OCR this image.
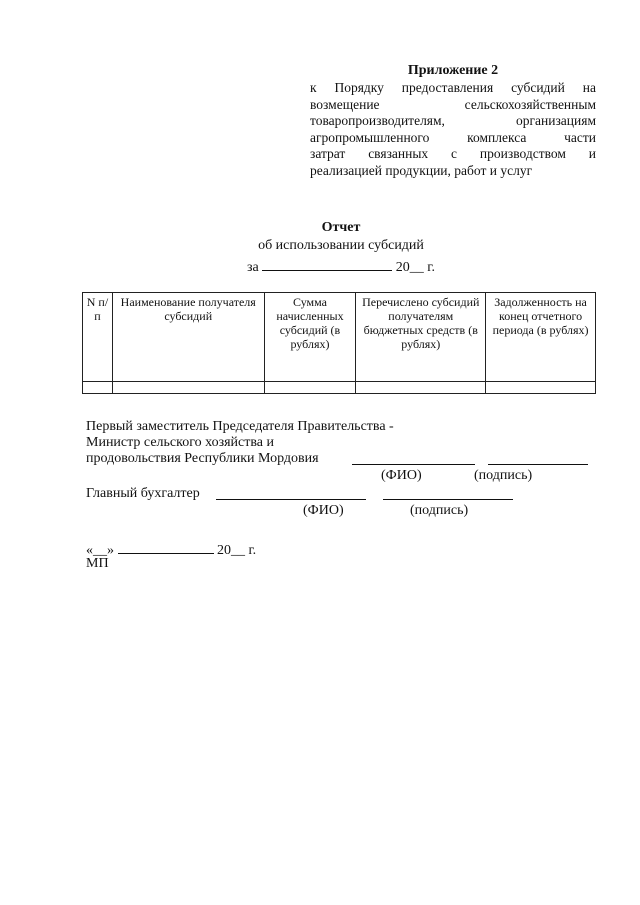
Приложение 2
к Порядку предоставления субсидий на
возмещение сельскохозяйственным
товаропроизводителям, организациям
агропромышленного комплекса части
затрат связанных с производством и
реализацией продукции, работ и услуг
Отчет
об использовании субсидий
за	20__ г.
N п/п	Наименование получателя субсидий	Сумма начисленных субсидий (в рублях)	Перечислено субсидий получателям бюджетных средств (в рублях)	Задолженность на конец отчетного периода (в рублях)

Первый заместитель Председателя Правительства -
Министр сельского хозяйства и
продовольствия Республики Мордовия
(ФИО)	(подпись)
Главный бухгалтер
(ФИО)	(подпись)
«__»	20__ г.
МП
